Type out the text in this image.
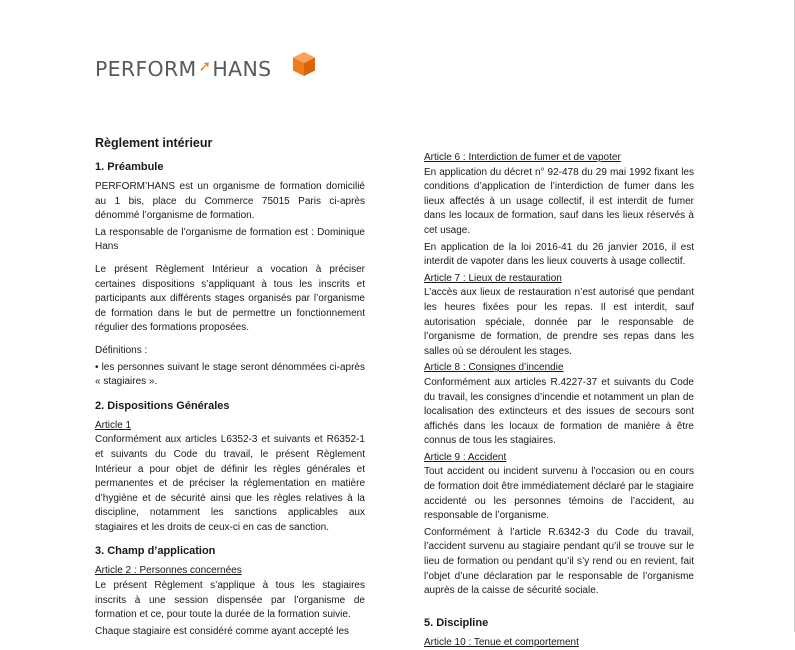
PERFORM ➚HANS
Règlement intérieur
1. Préambule

PERFORM’HANS est un organisme de formation domicilié au 1 bis, place du Commerce 75015 Paris ci-après dénommé l’organisme de formation.

La responsable de l’organisme de formation est : Dominique Hans

Le présent Règlement Intérieur a vocation à préciser certaines dispositions s’appliquant à tous les inscrits et participants aux différents stages organisés par l’organisme de formation dans le but de permettre un fonctionnement régulier des formations proposées.

Définitions :

• les personnes suivant le stage seront dénommées ci-après « stagiaires ».

2. Dispositions Générales
Article 1

Conformément aux articles L6352-3 et suivants et R6352-1 et suivants du Code du travail, le présent Règlement Intérieur a pour objet de définir les règles générales et permanentes et de préciser la réglementation en matière d’hygiène et de sécurité ainsi que les règles relatives à la discipline, notamment les sanctions applicables aux stagiaires et les droits de ceux-ci en cas de sanction.

3. Champ d’application
Article 2 : Personnes concernées

Le présent Règlement s’applique à tous les stagiaires inscrits à une session dispensée par l’organisme de formation et ce, pour toute la durée de la formation suivie.

Chaque stagiaire est considéré comme ayant accepté les

Article 6 : Interdiction de fumer et de vapoter

En application du décret n° 92-478 du 29 mai 1992 fixant les conditions d’application de l’interdiction de fumer dans les lieux affectés à un usage collectif, il est interdit de fumer dans les locaux de formation, sauf dans les lieux réservés à cet usage.

En application de la loi 2016-41 du 26 janvier 2016, il est interdit de vapoter dans les lieux couverts à usage collectif.

Article 7 : Lieux de restauration

L’accès aux lieux de restauration n’est autorisé que pendant les heures fixées pour les repas. Il est interdit, sauf autorisation spéciale, donnée par le responsable de l’organisme de formation, de prendre ses repas dans les salles où se déroulent les stages.

Article 8 : Consignes d’incendie

Conformément aux articles R.4227-37 et suivants du Code du travail, les consignes d’incendie et notamment un plan de localisation des extincteurs et des issues de secours sont affichés dans les locaux de formation de manière à être connus de tous les stagiaires.

Article 9 : Accident

Tout accident ou incident survenu à l’occasion ou en cours de formation doit être immédiatement déclaré par le stagiaire accidenté ou les personnes témoins de l’accident, au responsable de l’organisme.

Conformément à l’article R.6342-3 du Code du travail, l’accident survenu au stagiaire pendant qu’il se trouve sur le lieu de formation ou pendant qu’il s’y rend ou en revient, fait l’objet d’une déclaration par le responsable de l’organisme auprès de la caisse de sécurité sociale.

5. Discipline
Article 10 : Tenue et comportement
